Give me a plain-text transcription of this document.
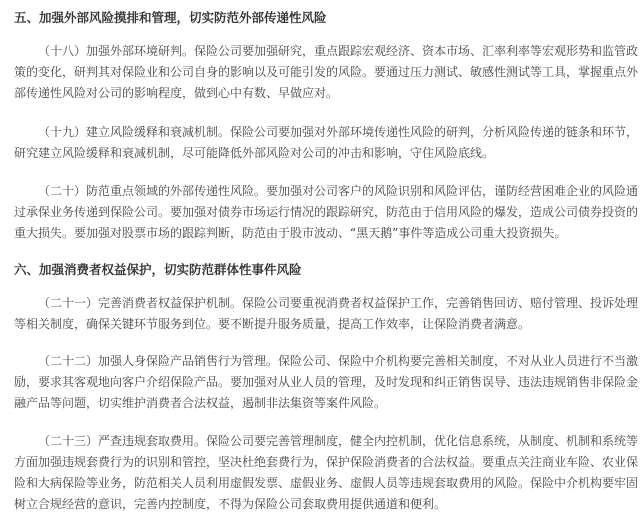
五、加强外部风险摸排和管理，切实防范外部传递性风险
（十八）加强外部环境研判。保险公司要加强研究，重点跟踪宏观经济、资本市场、汇率利率等宏观形势和监管政
策的变化，研判其对保险业和公司自身的影响以及可能引发的风险。要通过压力测试、敏感性测试等工具，掌握重点外
部传递性风险对公司的影响程度，做到心中有数、早做应对。
（十九）建立风险缓释和衰减机制。保险公司要加强对外部环境传递性风险的研判，分析风险传递的链条和环节，
研究建立风险缓释和衰减机制，尽可能降低外部风险对公司的冲击和影响，守住风险底线。
（二十）防范重点领域的外部传递性风险。要加强对公司客户的风险识别和风险评估，谨防经营困难企业的风险通
过承保业务传递到保险公司。要加强对债券市场运行情况的跟踪研究，防范由于信用风险的爆发，造成公司债券投资的
重大损失。要加强对股票市场的跟踪判断，防范由于股市波动、“黑天鹅”事件等造成公司重大投资损失。
六、加强消费者权益保护，切实防范群体性事件风险
（二十一）完善消费者权益保护机制。保险公司要重视消费者权益保护工作，完善销售回访、赔付管理、投诉处理
等相关制度，确保关键环节服务到位。要不断提升服务质量，提高工作效率，让保险消费者满意。
（二十二）加强人身保险产品销售行为管理。保险公司、保险中介机构要完善相关制度，不对从业人员进行不当激
励，要求其客观地向客户介绍保险产品。要加强对从业人员的管理，及时发现和纠正销售误导、违法违规销售非保险金
融产品等问题，切实维护消费者合法权益，遏制非法集资等案件风险。
（二十三）严查违规套取费用。保险公司要完善管理制度，健全内控机制，优化信息系统，从制度、机制和系统等
方面加强违规套费行为的识别和管控，坚决杜绝套费行为，保护保险消费者的合法权益。要重点关注商业车险、农业保
险和大病保险等业务，防范相关人员利用虚假发票、虚假业务、虚假人员等违规套取费用的风险。保险中介机构要牢固
树立合规经营的意识，完善内控制度，不得为保险公司套取费用提供通道和便利。
